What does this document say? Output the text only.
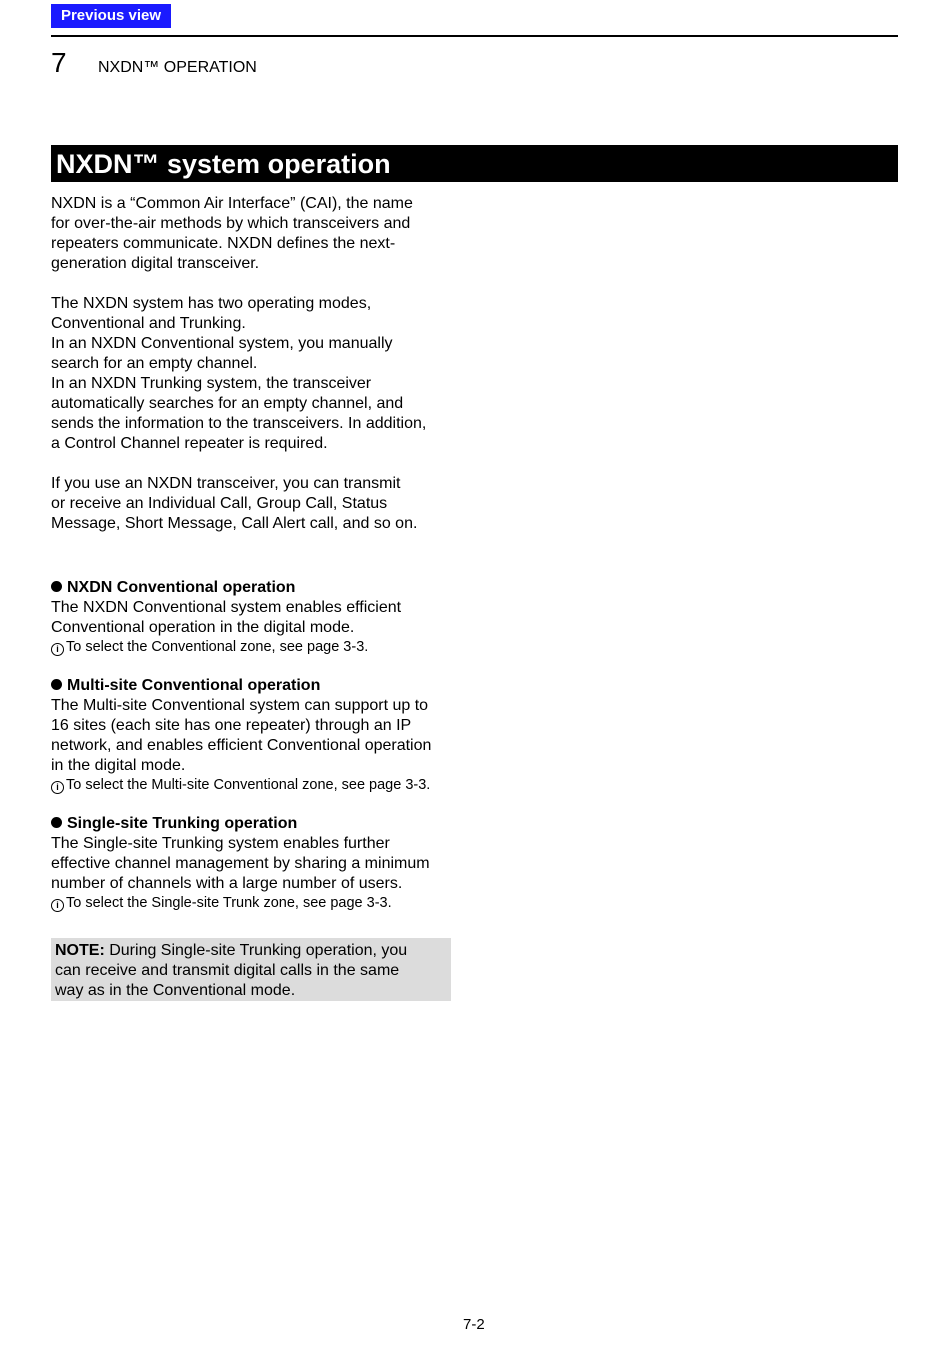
Previous view
7 NXDN™ OPERATION
NXDN™ system operation

NXDN is a “Common Air Interface” (CAI), the name
for over-the-air methods by which transceivers and
repeaters communicate. NXDN defines the next-
generation digital transceiver.

The NXDN system has two operating modes,
Conventional and Trunking.
In an NXDN Conventional system, you manually
search for an empty channel.
In an NXDN Trunking system, the transceiver
automatically searches for an empty channel, and
sends the information to the transceivers. In addition,
a Control Channel repeater is required.

If you use an NXDN transceiver, you can transmit
or receive an Individual Call, Group Call, Status
Message, Short Message, Call Alert call, and so on.

NXDN Conventional operation

The NXDN Conventional system enables efficient
Conventional operation in the digital mode.

i To select the Conventional zone, see page 3-3.
Multi-site Conventional operation

The Multi-site Conventional system can support up to
16 sites (each site has one repeater) through an IP
network, and enables efficient Conventional operation
in the digital mode.

i To select the Multi-site Conventional zone, see page 3-3.
Single-site Trunking operation

The Single-site Trunking system enables further
effective channel management by sharing a minimum
number of channels with a large number of users.

i To select the Single-site Trunk zone, see page 3-3.

NOTE: During Single-site Trunking operation, you
can receive and transmit digital calls in the same
way as in the Conventional mode.

7-2
